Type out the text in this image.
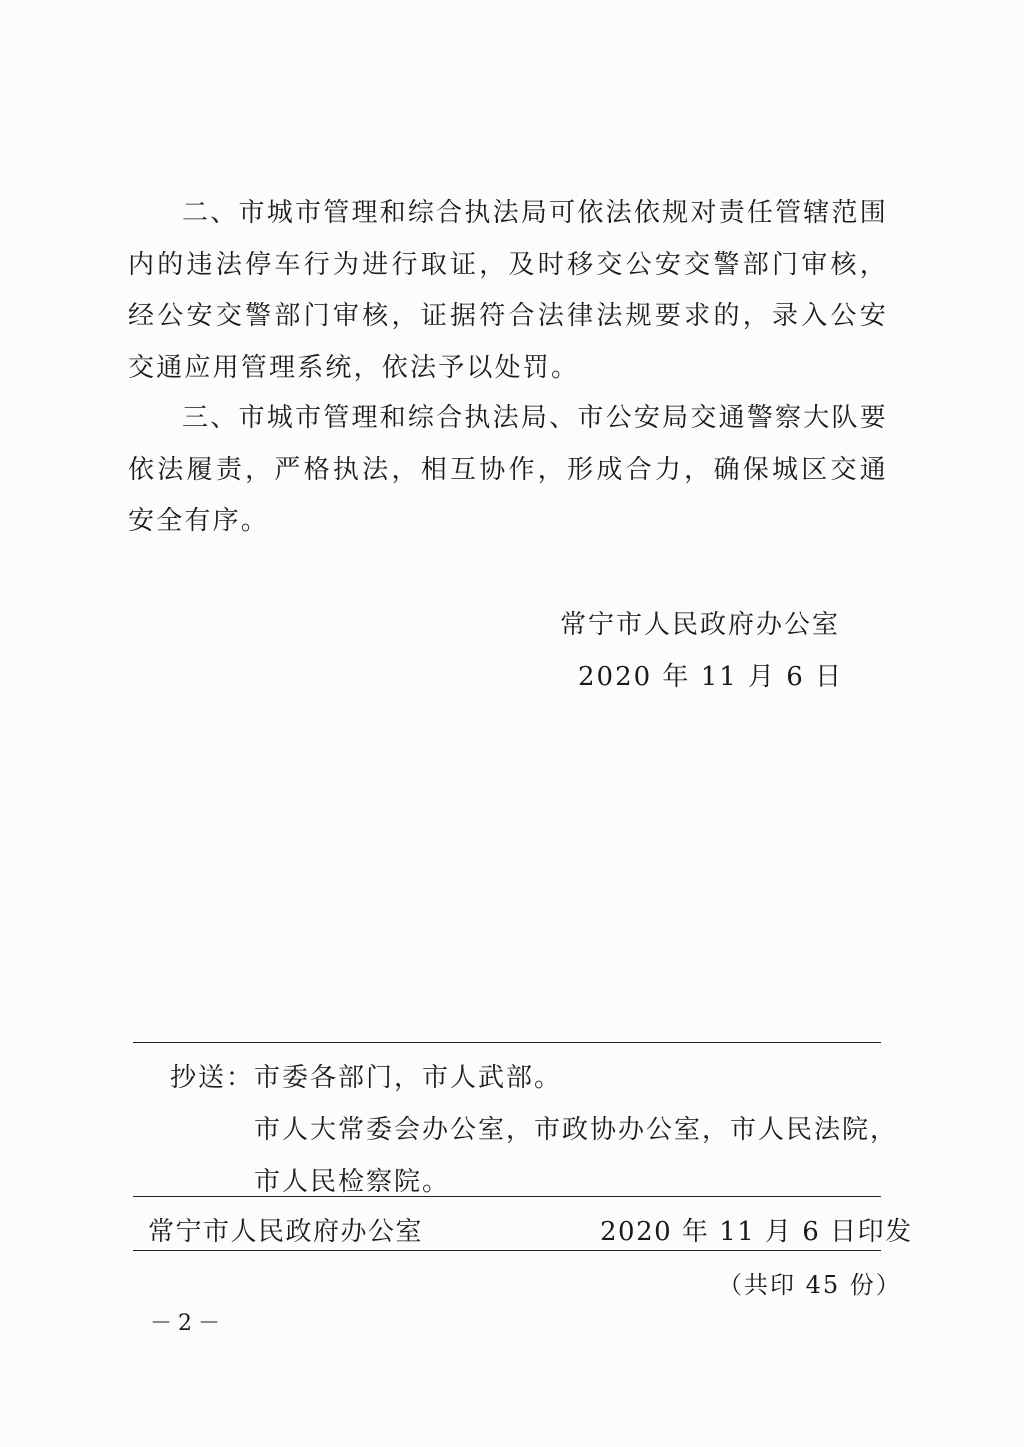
二、市城市管理和综合执法局可依法依规对责任管辖范围内的违法停车行为进行取证，及时移交公安交警部门审核，经公安交警部门审核，证据符合法律法规要求的，录入公安交通应用管理系统，依法予以处罚。

三、市城市管理和综合执法局、市公安局交通警察大队要依法履责，严格执法，相互协作，形成合力，确保城区交通安全有序。

常宁市人民政府办公室
2020 年 11 月 6 日
抄送： 市委各部门，市人武部。
市人大常委会办公室，市政协办公室，市人民法院，
市人民检察院。
常宁市人民政府办公室	2020 年 11 月 6 日印发
（共印 45 份）
－2－
